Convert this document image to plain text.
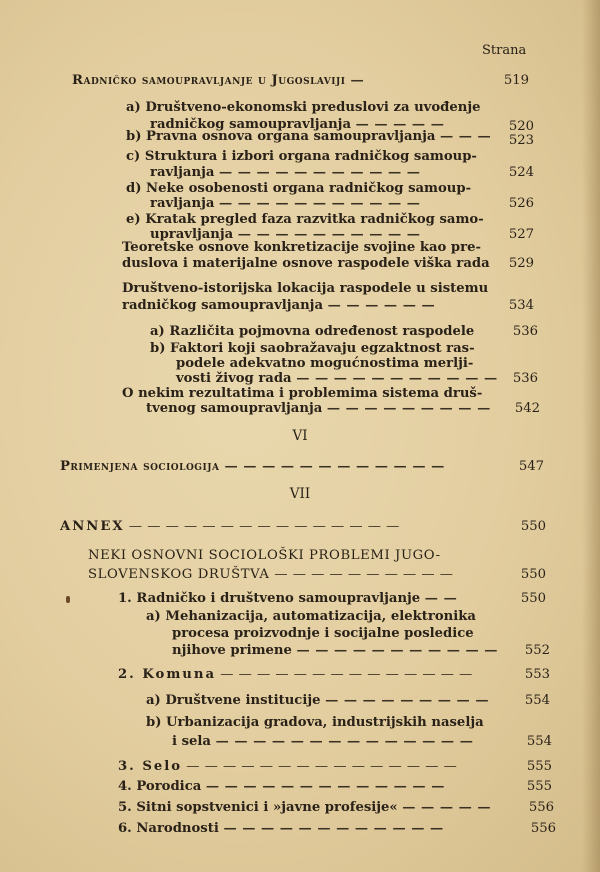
Strana
Radničko samoupravljanje u Jugoslaviji —	519
a) Društveno-ekonomski preduslovi za uvođenje
radničkog samoupravljanja — — — — —	520
b) Pravna osnova organa samoupravljanja — — —	523
c) Struktura i izbori organa radničkog samoup-
ravljanja — — — — — — — — — — —	524
d) Neke osobenosti organa radničkog samoup-
ravljanja — — — — — — — — — — —	526
e) Kratak pregled faza razvitka radničkog samo-
upravljanja — — — — — — — — — —	527
Teoretske osnove konkretizacije svojine kao pre-
duslova i materijalne osnove raspodele viška rada	529
Društveno-istorijska lokacija raspodele u sistemu
radničkog samoupravljanja — — — — — —	534
a) Različita pojmovna određenost raspodele	536
b) Faktori koji saobražavaju egzaktnost ras-
podele adekvatno mogućnostima merlji-
vosti živog rada — — — — — — — — — — —	536
O nekim rezultatima i problemima sistema druš-
tvenog samoupravljanja — — — — — — — — —	542
VI
Primenjena sociologija — — — — — — — — — — — —	547
VII
ANNEX — — — — — — — — — — — — — — —	550
NEKI OSNOVNI SOCIOLOŠKI PROBLEMI JUGO-
SLOVENSKOG DRUŠTVA — — — — — — — — — —	550
1. Radničko i društveno samoupravljanje — —	550
a) Mehanizacija, automatizacija, elektronika
procesa proizvodnje i socijalne posledice
njihove primene — — — — — — — — — — —	552
2. Komuna — — — — — — — — — — — — — —	553
a) Društvene institucije — — — — — — — — —	554
b) Urbanizacija gradova, industrijskih naselja
i sela — — — — — — — — — — — — — —	554
3. Selo — — — — — — — — — — — — — — —	555
4. Porodica — — — — — — — — — — — — —	555
5. Sitni sopstvenici i »javne profesije« — — — — —	556
6. Narodnosti — — — — — — — — — — — —	556
